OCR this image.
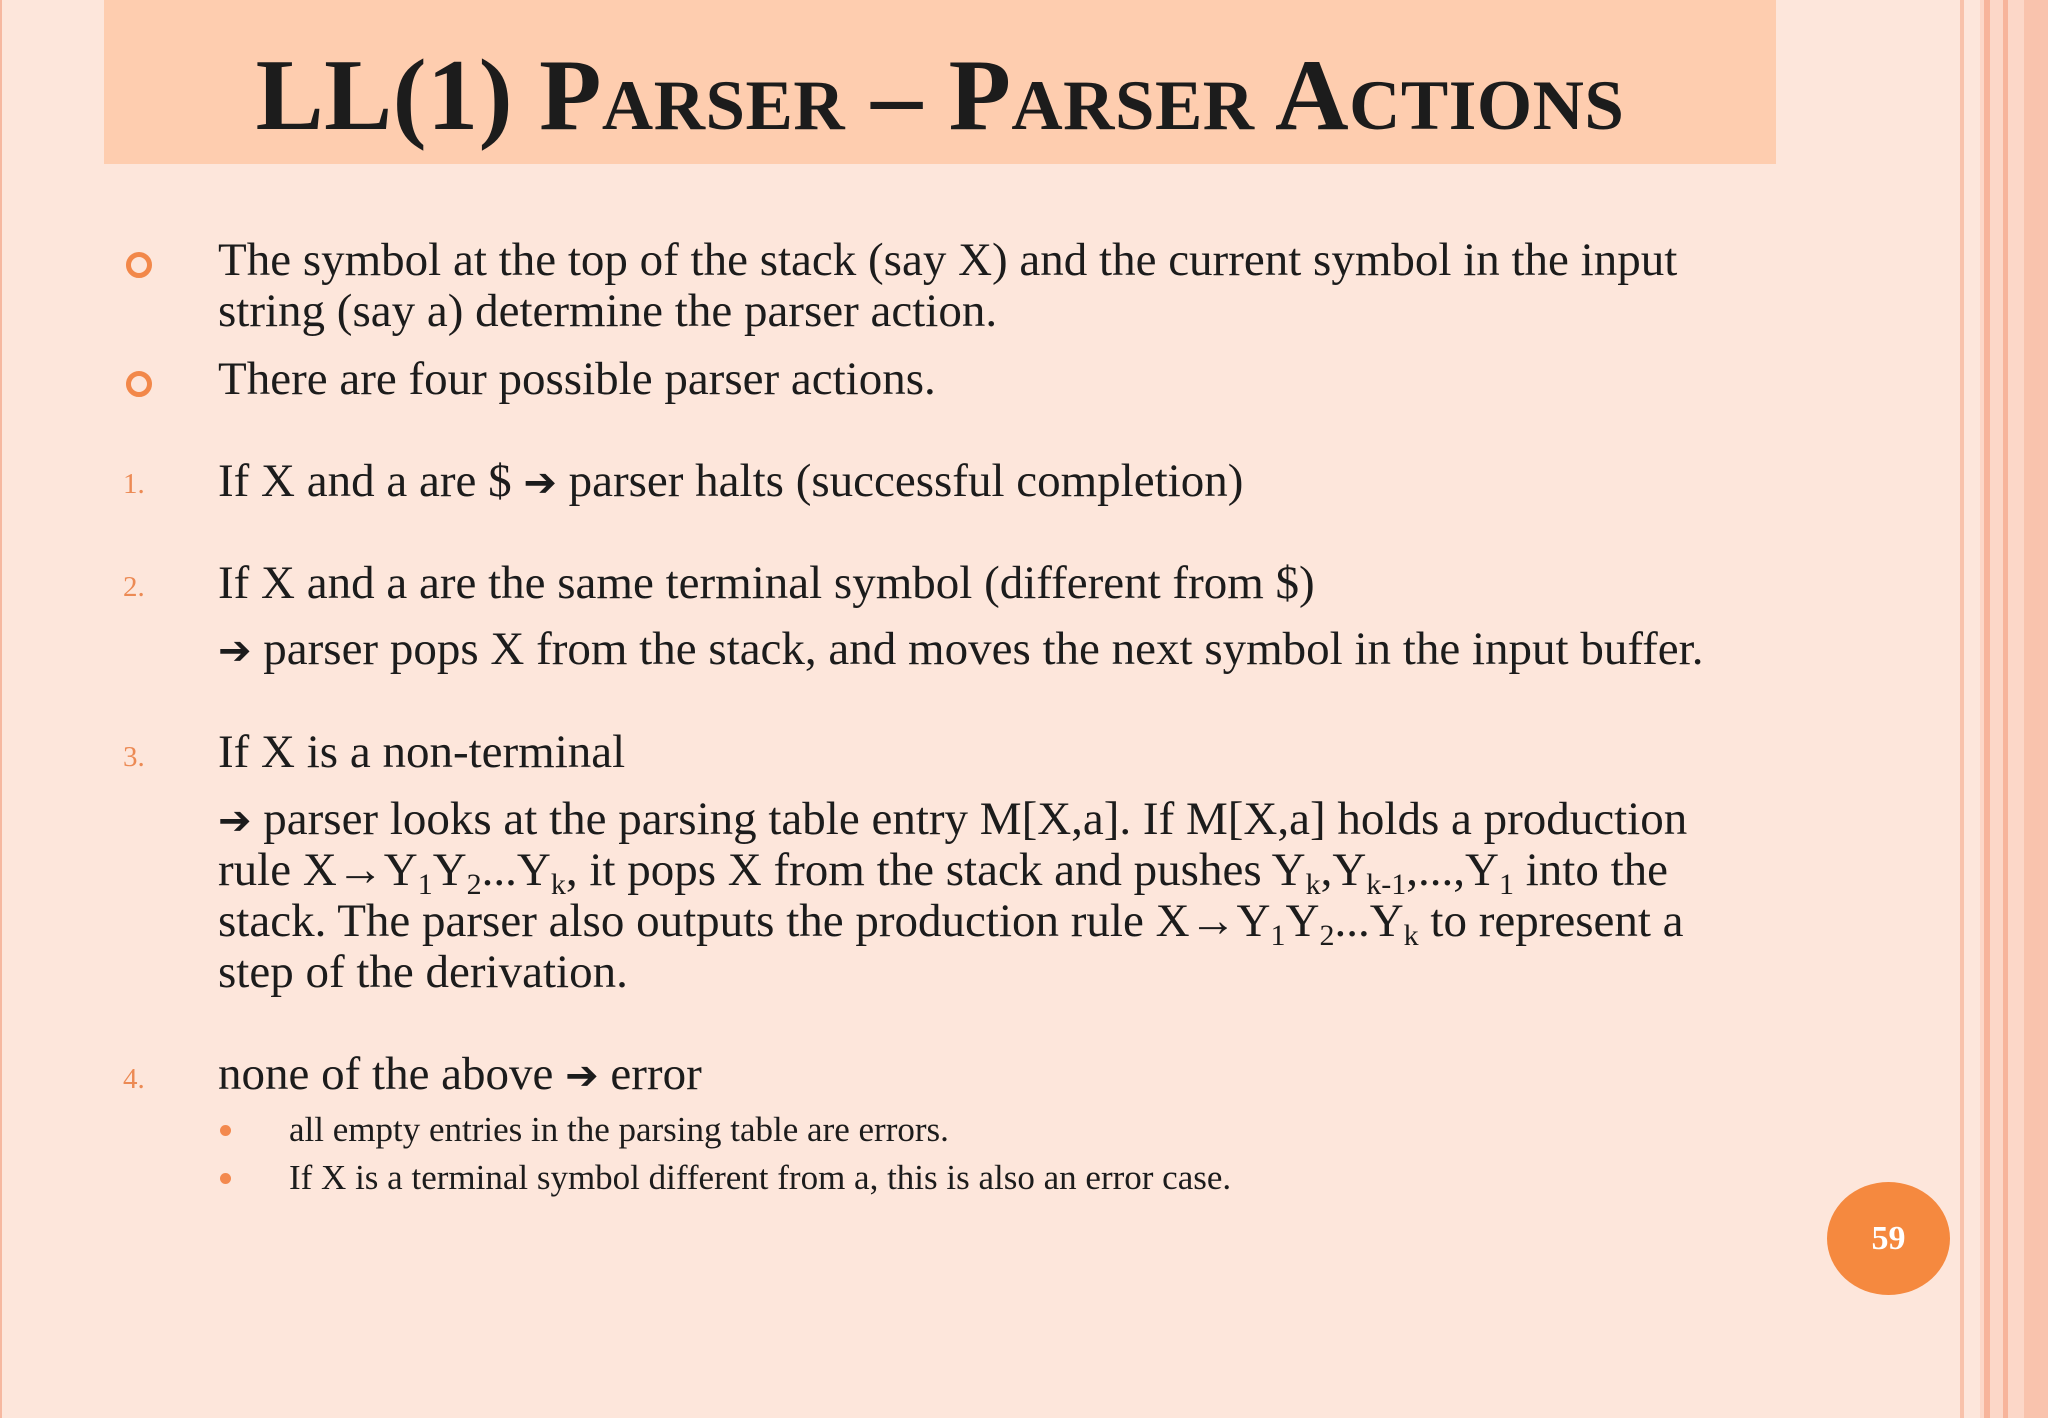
LL(1) Parser – Parser Actions
The symbol at the top of the stack (say X) and the current symbol in the input
string (say a) determine the parser action.
There are four possible parser actions.
1. If X and a are $ ➔ parser halts (successful completion)
2. If X and a are the same terminal symbol (different from $)
➔ parser pops X from the stack, and moves the next symbol in the input buffer.
3. If X is a non-terminal
➔ parser looks at the parsing table entry M[X,a]. If M[X,a] holds a production
rule $X\to Y_1Y_2...Y_k$, it pops X from the stack and pushes $Y_k,Y_{k-1},...,Y_1$ into the
stack. The parser also outputs the production rule $X\to Y_1Y_2...Y_k$ to represent a
step of the derivation.
4. none of the above ➔ error
all empty entries in the parsing table are errors.
If X is a terminal symbol different from a, this is also an error case.
59
